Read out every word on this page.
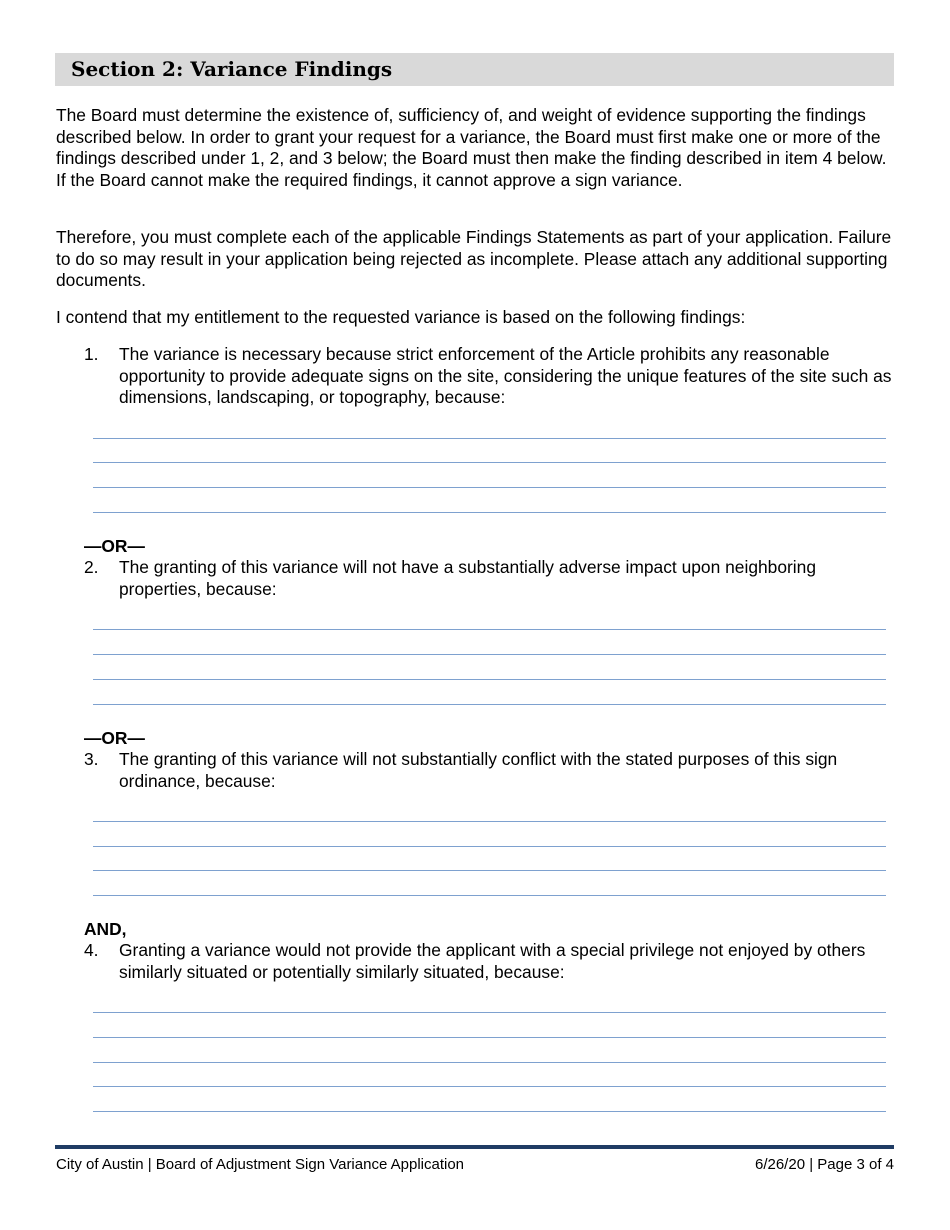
Section 2: Variance Findings

The Board must determine the existence of, sufficiency of, and weight of evidence supporting the findings described below. In order to grant your request for a variance, the Board must first make one or more of the findings described under 1, 2, and 3 below; the Board must then make the finding described in item 4 below. If the Board cannot make the required findings, it cannot approve a sign variance.

Therefore, you must complete each of the applicable Findings Statements as part of your application. Failure to do so may result in your application being rejected as incomplete. Please attach any additional supporting documents.

I contend that my entitlement to the requested variance is based on the following findings:

1. The variance is necessary because strict enforcement of the Article prohibits any reasonable opportunity to provide adequate signs on the site, considering the unique features of the site such as dimensions, landscaping, or topography, because:
—OR—
2. The granting of this variance will not have a substantially adverse impact upon neighboring properties, because:
—OR—
3. The granting of this variance will not substantially conflict with the stated purposes of this sign ordinance, because:
AND,
4. Granting a variance would not provide the applicant with a special privilege not enjoyed by others similarly situated or potentially similarly situated, because:
City of Austin | Board of Adjustment Sign Variance Application	6/26/20 | Page 3 of 4
